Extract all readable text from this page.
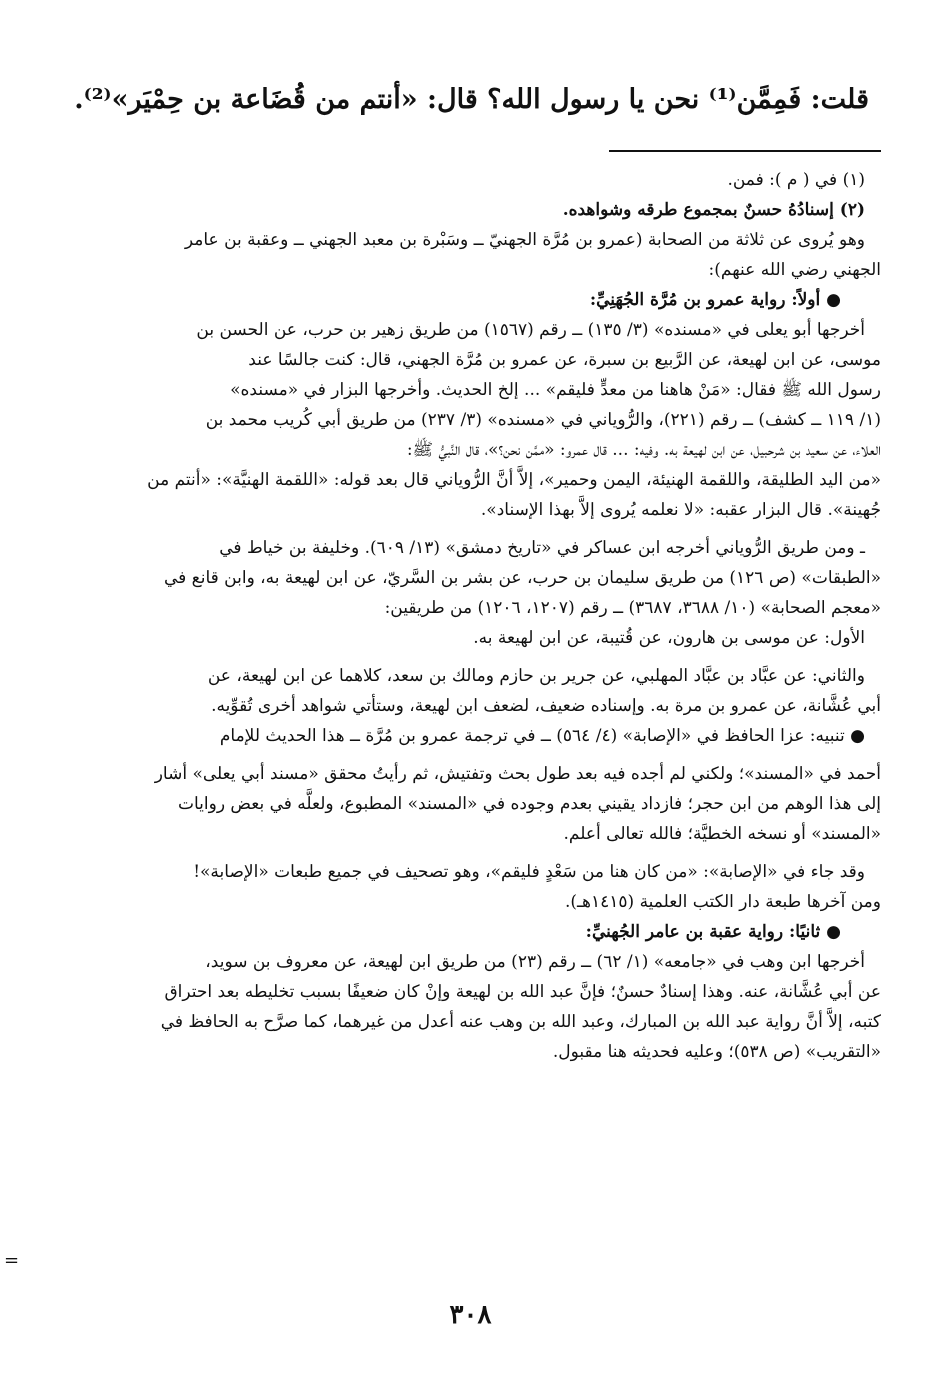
قلت: فَمِمَّن⁽¹⁾ نحن يا رسول الله؟ قال: «أنتم من قُضَاعة بن حِمْيَر»⁽²⁾.
(١) في ( م ): فمن.
(٢) إسنادُهُ حسنٌ بمجموع طرقه وشواهده.
وهو يُروى عن ثلاثة من الصحابة (عمرو بن مُرَّة الجهنيّ ــ وسَبْرة بن معبد الجهني ــ وعقبة بن عامر
الجهني رضي الله عنهم):
● أولاً: رواية عمرو بن مُرَّة الجُهَنِيِّ:
أخرجها أبو يعلى في «مسنده» (٣/ ١٣٥) ــ رقم (١٥٦٧) من طريق زهير بن حرب، عن الحسن بن
موسى، عن ابن لهيعة، عن الرَّبيع بن سبرة، عن عمرو بن مُرَّة الجهني، قال: كنت جالسًا عند
رسول الله ﷺ فقال: «مَنْ هاهنا من معدٍّ فليقم» ... إلخ الحديث. وأخرجها البزار في «مسنده»
(١/ ١١٩ ــ كشف) ــ رقم (٢٢١)، والرُّوياني في «مسنده» (٣/ ٢٣٧) من طريق أبي كُريب محمد بن
العلاء، عن سعيد بن شرحبيل، عن ابن لهيعة به. وفيه: ... قال عمرو: «ممَّن نحن؟»، قال النَّبيُّ ﷺ:
«من اليد الطليقة، واللقمة الهنيئة، اليمن وحمير»، إلاَّ أنَّ الرُّوياني قال بعد قوله: «اللقمة الهنيَّة»: «أنتم من
جُهينة». قال البزار عقبه: «لا نعلمه يُروى إلاَّ بهذا الإسناد».
ـ ومن طريق الرُّوياني أخرجه ابن عساكر في «تاريخ دمشق» (١٣/ ٦٠٩). وخليفة بن خياط في
«الطبقات» (ص ١٢٦) من طريق سليمان بن حرب، عن بشر بن السَّريّ، عن ابن لهيعة به، وابن قانع في
«معجم الصحابة» (١٠/ ٣٦٨٨، ٣٦٨٧) ــ رقم (١٢٠٧، ١٢٠٦) من طريقين:
الأول: عن موسى بن هارون، عن قُتيبة، عن ابن لهيعة به.
والثاني: عن عبَّاد بن عبَّاد المهلبي، عن جرير بن حازم ومالك بن سعد، كلاهما عن ابن لهيعة، عن
أبي عُشَّانة، عن عمرو بن مرة به. وإسناده ضعيف، لضعف ابن لهيعة، وستأتي شواهد أخرى تُقوِّيه.
● تنبيه: عزا الحافظ في «الإصابة» (٤/ ٥٦٤) ــ في ترجمة عمرو بن مُرَّة ــ هذا الحديث للإمام
أحمد في «المسند»؛ ولكني لم أجده فيه بعد طول بحث وتفتيش، ثم رأيتُ محقق «مسند أبي يعلى» أشار
إلى هذا الوهم من ابن حجر؛ فازداد يقيني بعدم وجوده في «المسند» المطبوع، ولعلَّه في بعض روايات
«المسند» أو نسخه الخطيَّة؛ فالله تعالى أعلم.
وقد جاء في «الإصابة»: «من كان هنا من سَعْدٍ فليقم»، وهو تصحيف في جميع طبعات «الإصابة»!
ومن آخرها طبعة دار الكتب العلمية (١٤١٥هـ).
● ثانيًا: رواية عقبة بن عامر الجُهنيِّ:
أخرجها ابن وهب في «جامعه» (١/ ٦٢) ــ رقم (٢٣) من طريق ابن لهيعة، عن معروف بن سويد،
عن أبي عُشَّانة، عنه. وهذا إسنادٌ حسنٌ؛ فإنَّ عبد الله بن لهيعة وإنْ كان ضعيفًا بسبب تخليطه بعد احتراق
كتبه، إلاَّ أنَّ رواية عبد الله بن المبارك، وعبد الله بن وهب عنه أعدل من غيرهما، كما صرَّح به الحافظ في
«التقريب» (ص ٥٣٨)؛ وعليه فحديثه هنا مقبول.
=
٣٠٨
